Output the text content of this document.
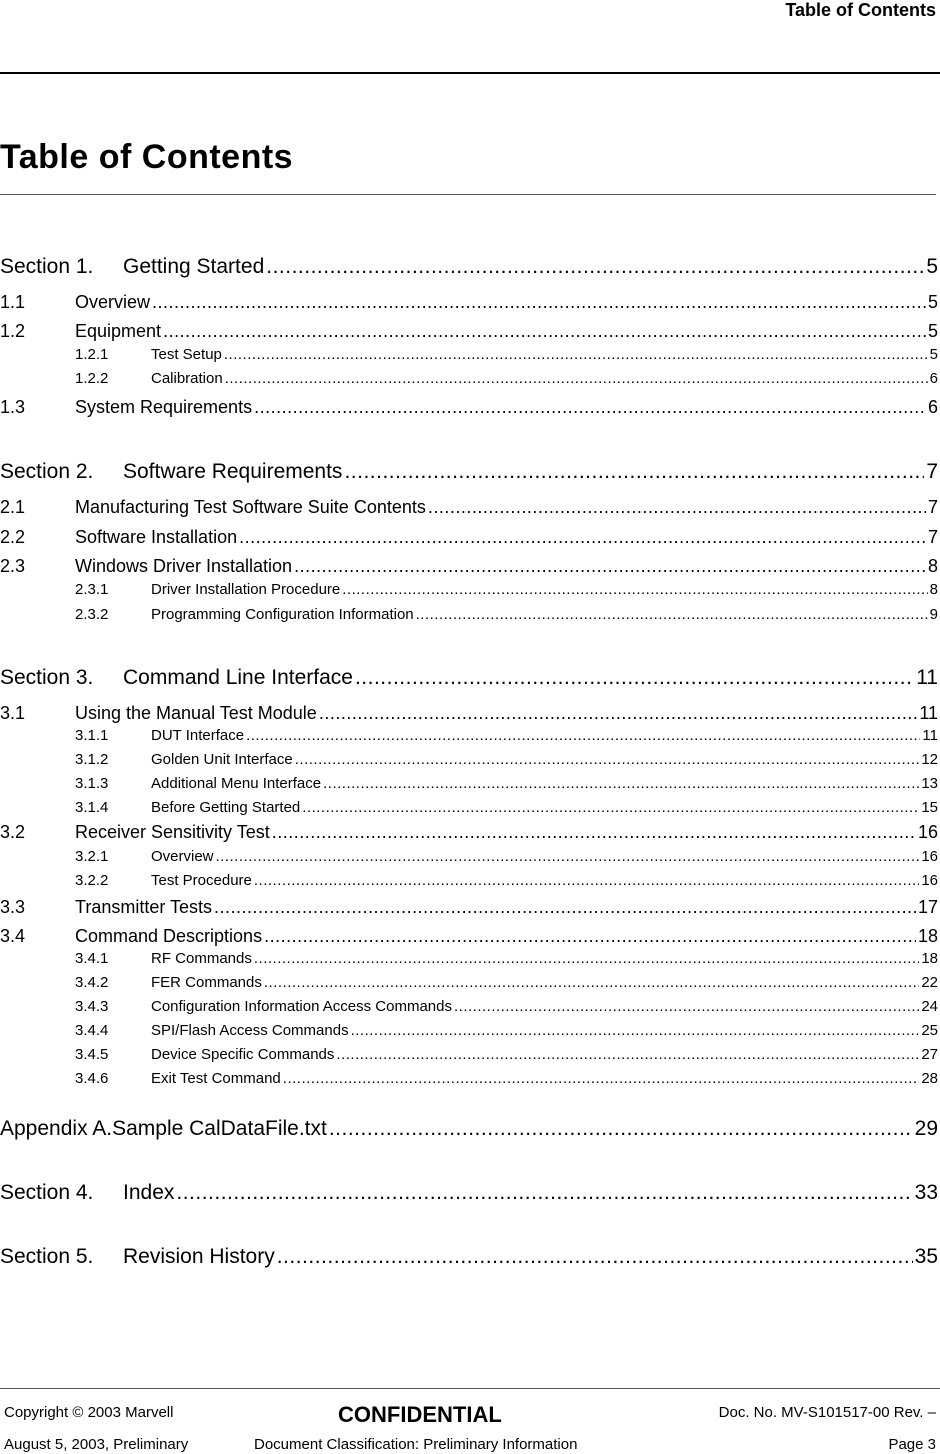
Table of Contents
Table of Contents
Section 1.	Getting Started .....	5
1.1	Overview .....	5
1.2	Equipment .....	5
1.2.1	Test Setup .....	5
1.2.2	Calibration .....	6
1.3	System Requirements .....	6
Section 2.	Software Requirements .....	7
2.1	Manufacturing Test Software Suite Contents .....	7
2.2	Software Installation .....	7
2.3	Windows Driver Installation .....	8
2.3.1	Driver Installation Procedure .....	8
2.3.2	Programming Configuration Information .....	9
Section 3.	Command Line Interface .....	11
3.1	Using the Manual Test Module .....	11
3.1.1	DUT Interface .....	11
3.1.2	Golden Unit Interface .....	12
3.1.3	Additional Menu Interface .....	13
3.1.4	Before Getting Started .....	15
3.2	Receiver Sensitivity Test .....	16
3.2.1	Overview .....	16
3.2.2	Test Procedure .....	16
3.3	Transmitter Tests .....	17
3.4	Command Descriptions .....	18
3.4.1	RF Commands .....	18
3.4.2	FER Commands .....	22
3.4.3	Configuration Information Access Commands .....	24
3.4.4	SPI/Flash Access Commands .....	25
3.4.5	Device Specific Commands .....	27
3.4.6	Exit Test Command .....	28
Appendix A.Sample CalDataFile.txt .....	29
Section 4.	Index .....	33
Section 5.	Revision History .....	35
Copyright © 2003 Marvell	CONFIDENTIAL	Doc. No. MV-S101517-00 Rev. –
August 5, 2003, Preliminary	Document Classification: Preliminary Information	Page 3
